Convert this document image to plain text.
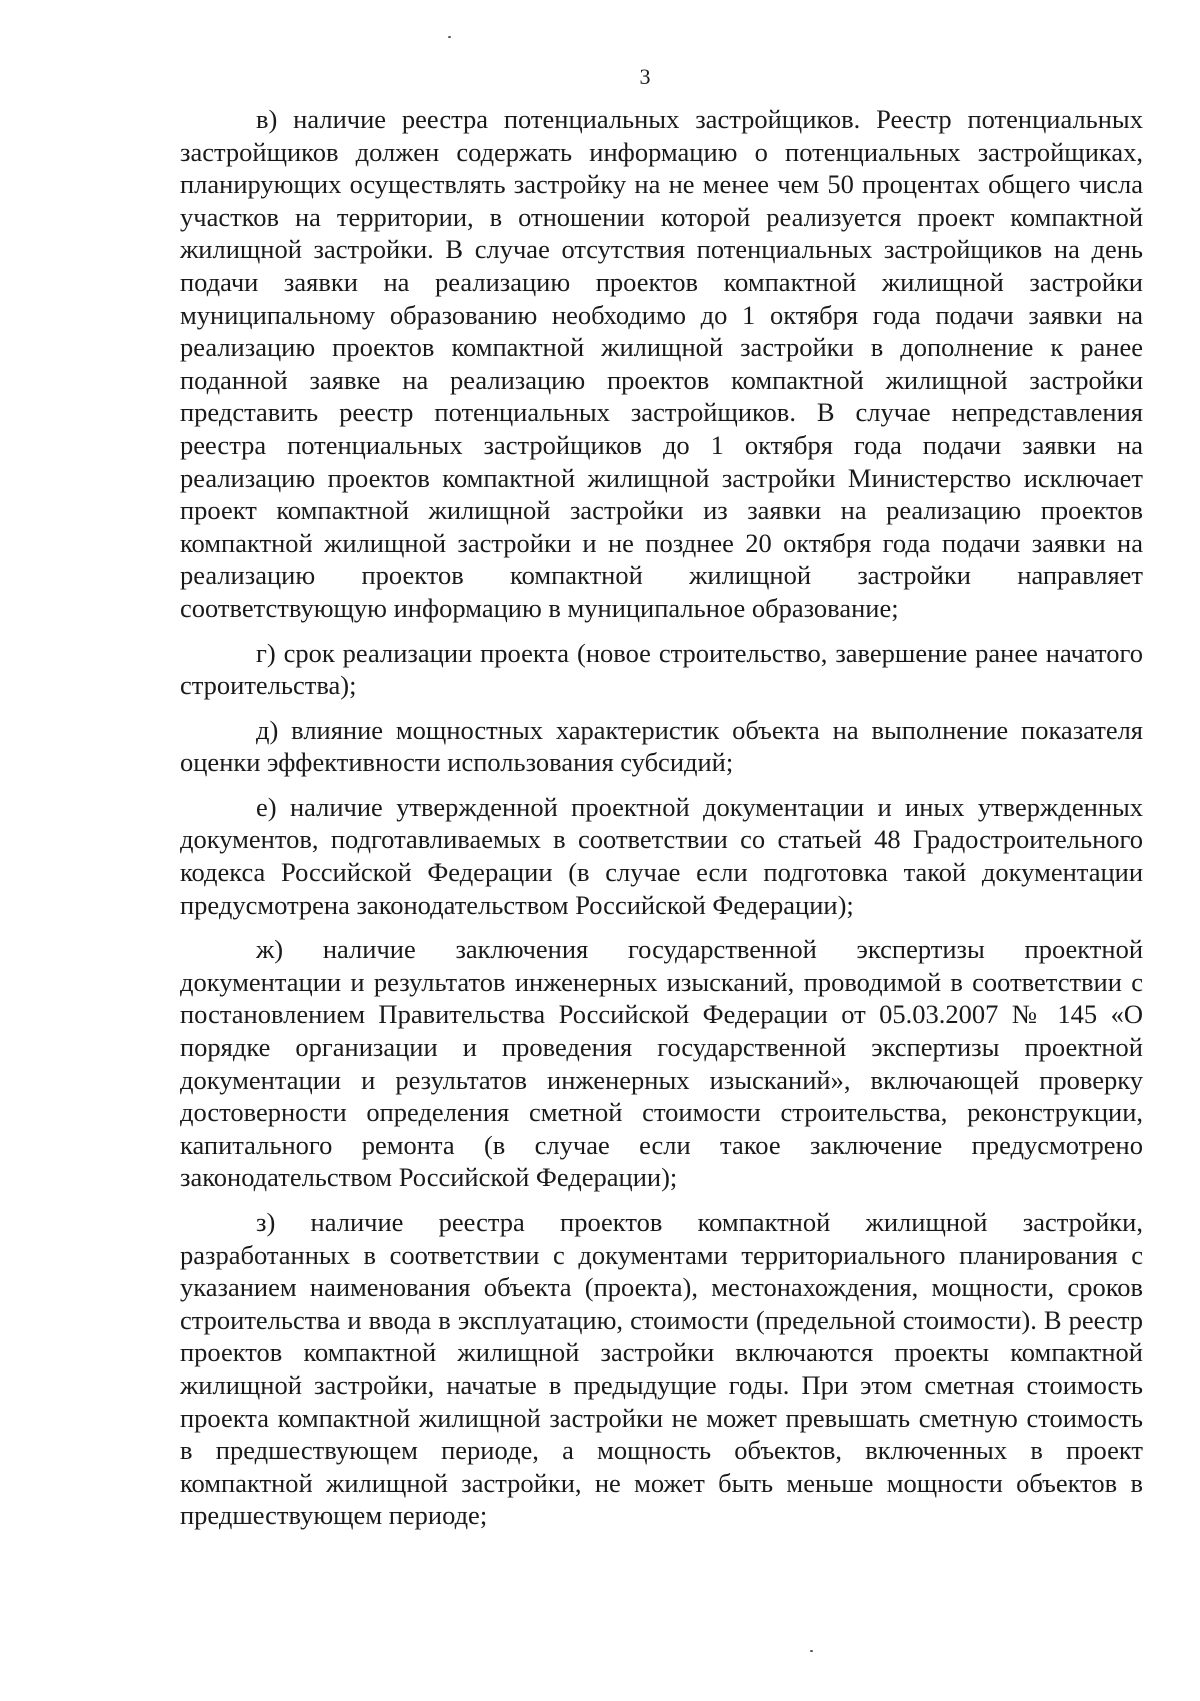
3

в) наличие реестра потенциальных застройщиков. Реестр потенциальных застройщиков должен содержать информацию о потенциальных застройщиках, планирующих осуществлять застройку на не менее чем 50 процентах общего числа участков на территории, в отношении которой реализуется проект компактной жилищной застройки. В случае отсутствия потенциальных застройщиков на день подачи заявки на реализацию проектов компактной жилищной застройки муниципальному образованию необходимо до 1 октября года подачи заявки на реализацию проектов компактной жилищной застройки в дополнение к ранее поданной заявке на реализацию проектов компактной жилищной застройки представить реестр потенциальных застройщиков. В случае непредставления реестра потенциальных застройщиков до 1 октября года подачи заявки на реализацию проектов компактной жилищной застройки Министерство исключает проект компактной жилищной застройки из заявки на реализацию проектов компактной жилищной застройки и не позднее 20 октября года подачи заявки на реализацию проектов компактной жилищной застройки направляет соответствующую информацию в муниципальное образование;

г) срок реализации проекта (новое строительство, завершение ранее начатого строительства);

д) влияние мощностных характеристик объекта на выполнение показателя оценки эффективности использования субсидий;

е) наличие утвержденной проектной документации и иных утвержденных документов, подготавливаемых в соответствии со статьей 48 Градостроительного кодекса Российской Федерации (в случае если подготовка такой документации предусмотрена законодательством Российской Федерации);

ж) наличие заключения государственной экспертизы проектной документации и результатов инженерных изысканий, проводимой в соответствии с постановлением Правительства Российской Федерации от 05.03.2007 № 145 «О порядке организации и проведения государственной экспертизы проектной документации и результатов инженерных изысканий», включающей проверку достоверности определения сметной стоимости строительства, реконструкции, капитального ремонта (в случае если такое заключение предусмотрено законодательством Российской Федерации);

з) наличие реестра проектов компактной жилищной застройки, разработанных в соответствии с документами территориального планирования с указанием наименования объекта (проекта), местонахождения, мощности, сроков строительства и ввода в эксплуатацию, стоимости (предельной стоимости). В реестр проектов компактной жилищной застройки включаются проекты компактной жилищной застройки, начатые в предыдущие годы. При этом сметная стоимость проекта компактной жилищной застройки не может превышать сметную стоимость в предшествующем периоде, а мощность объектов, включенных в проект компактной жилищной застройки, не может быть меньше мощности объектов в предшествующем периоде;
